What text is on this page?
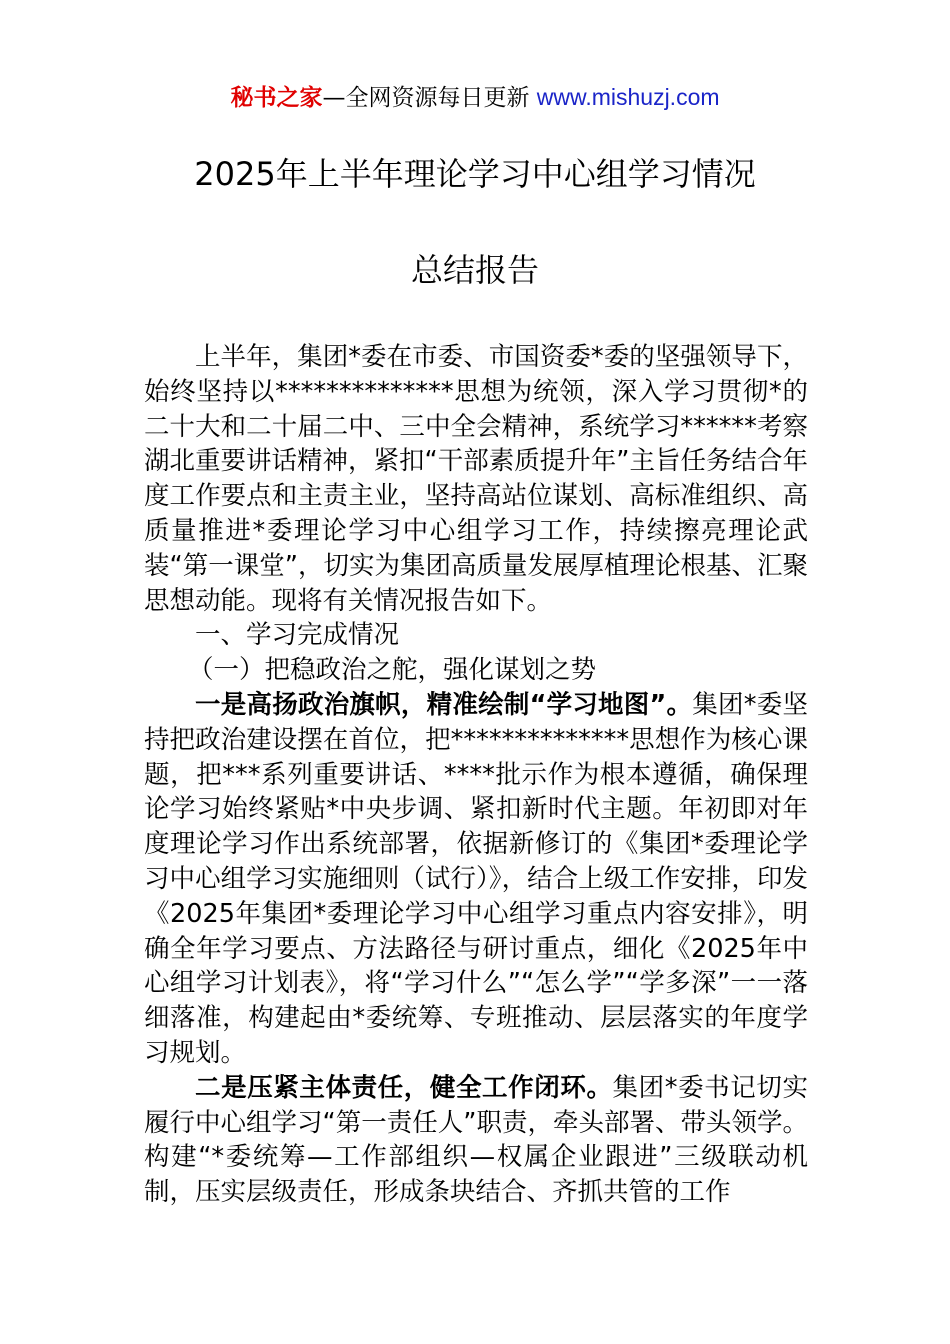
秘书之家—全网资源每日更新 www.mishuzj.com
2025年上半年理论学习中心组学习情况
总结报告

上半年，集团*委在市委、市国资委*委的坚强领导下，始终坚持以**************思想为统领，深入学习贯彻*的二十大和二十届二中、三中全会精神，系统学习******考察湖北重要讲话精神，紧扣“干部素质提升年”主旨任务结合年度工作要点和主责主业，坚持高站位谋划、高标准组织、高质量推进*委理论学习中心组学习工作，持续擦亮理论武装“第一课堂”，切实为集团高质量发展厚植理论根基、汇聚思想动能。现将有关情况报告如下。

一、学习完成情况

（一）把稳政治之舵，强化谋划之势

一是高扬政治旗帜，精准绘制“学习地图”。集团*委坚持把政治建设摆在首位，把**************思想作为核心课题，把***系列重要讲话、****批示作为根本遵循，确保理论学习始终紧贴*中央步调、紧扣新时代主题。年初即对年度理论学习作出系统部署，依据新修订的《集团*委理论学习中心组学习实施细则（试行）》，结合上级工作安排，印发《2025年集团*委理论学习中心组学习重点内容安排》，明确全年学习要点、方法路径与研讨重点，细化《2025年中心组学习计划表》，将“学习什么”“怎么学”“学多深”一一落细落准，构建起由*委统筹、专班推动、层层落实的年度学习规划。

二是压紧主体责任，健全工作闭环。集团*委书记切实履行中心组学习“第一责任人”职责，牵头部署、带头领学。构建“*委统筹—工作部组织—权属企业跟进”三级联动机制，压实层级责任，形成条块结合、齐抓共管的工作
